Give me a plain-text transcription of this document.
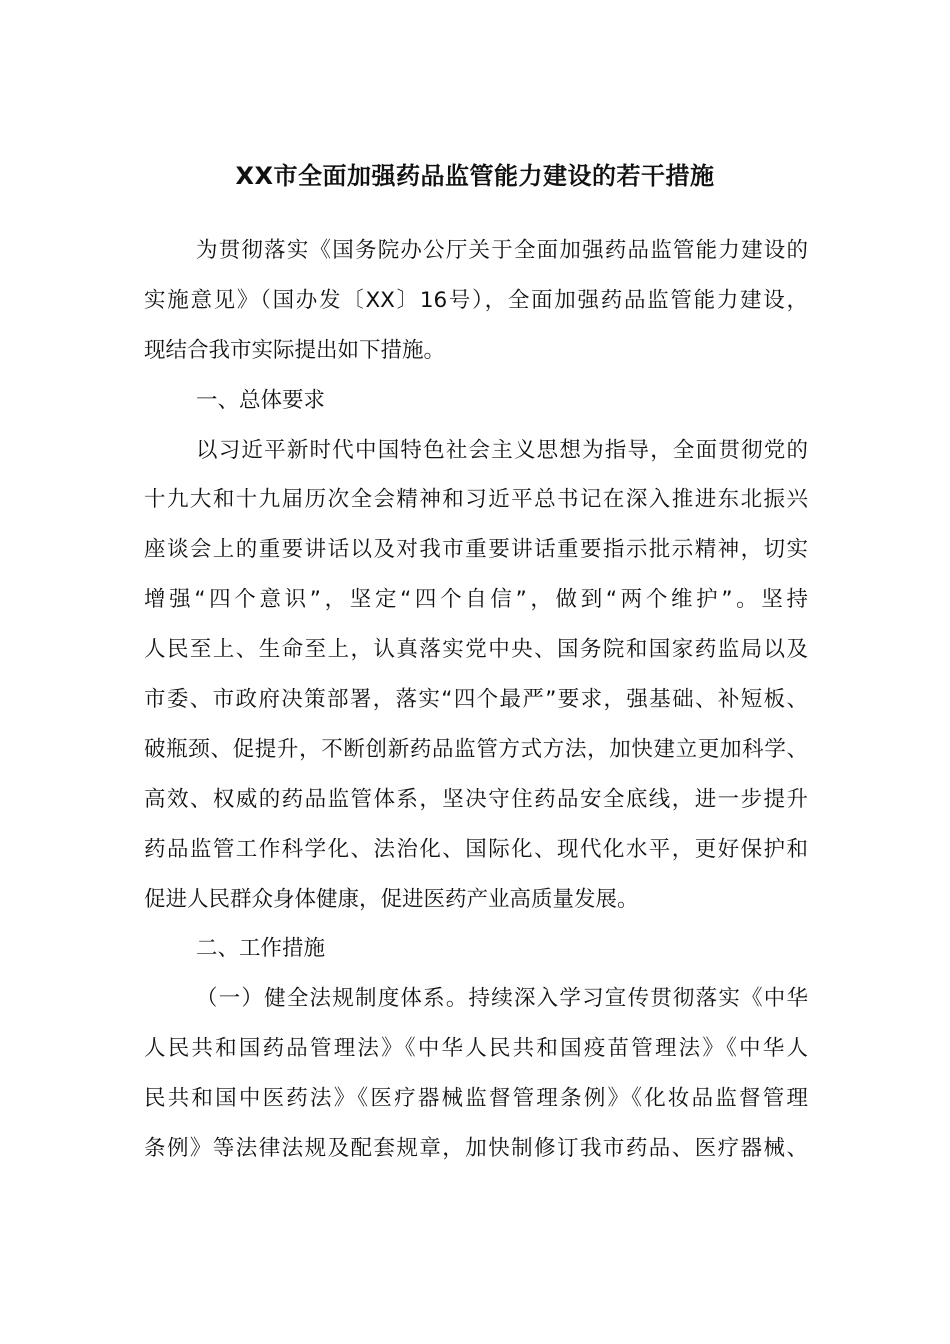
XX市全面加强药品监管能力建设的若干措施
为贯彻落实《国务院办公厅关于全面加强药品监管能力建设的
实施意见》（国办发〔XX〕16号），全面加强药品监管能力建设，
现结合我市实际提出如下措施。
一、总体要求
以习近平新时代中国特色社会主义思想为指导，全面贯彻党的
十九大和十九届历次全会精神和习近平总书记在深入推进东北振兴
座谈会上的重要讲话以及对我市重要讲话重要指示批示精神，切实
增强“四个意识”，坚定“四个自信”，做到“两个维护”。坚持
人民至上、生命至上，认真落实党中央、国务院和国家药监局以及
市委、市政府决策部署，落实“四个最严”要求，强基础、补短板、
破瓶颈、促提升，不断创新药品监管方式方法，加快建立更加科学、
高效、权威的药品监管体系，坚决守住药品安全底线，进一步提升
药品监管工作科学化、法治化、国际化、现代化水平，更好保护和
促进人民群众身体健康，促进医药产业高质量发展。
二、工作措施
（一）健全法规制度体系。持续深入学习宣传贯彻落实《中华
人民共和国药品管理法》《中华人民共和国疫苗管理法》《中华人
民共和国中医药法》《医疗器械监督管理条例》《化妆品监督管理
条例》等法律法规及配套规章，加快制修订我市药品、医疗器械、
